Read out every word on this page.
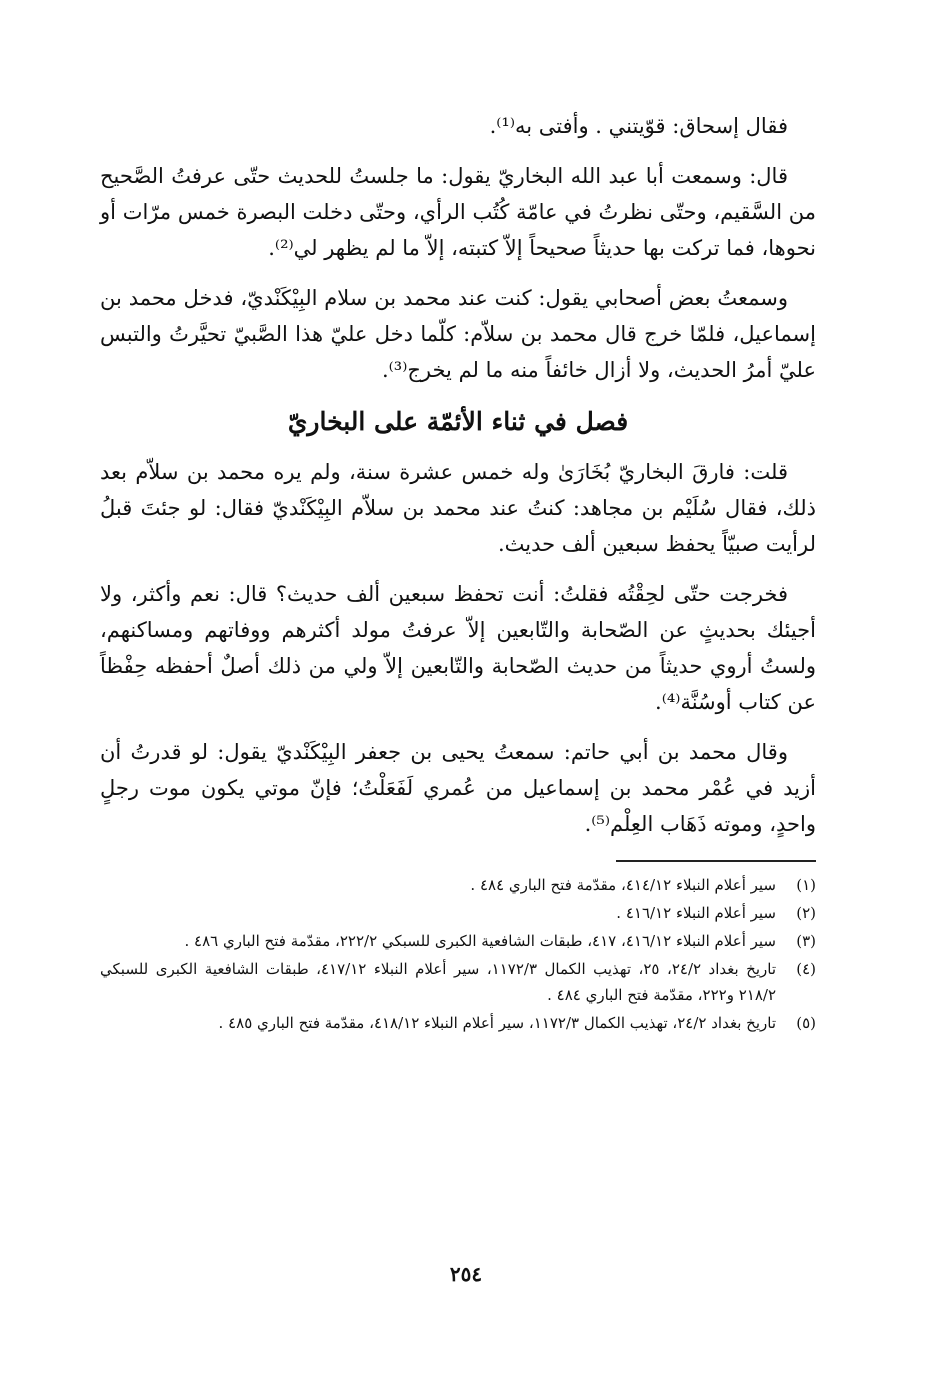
فقال إسحاق: قوّيتني . وأفتى به⁽¹⁾.

قال: وسمعت أبا عبد الله البخاريّ يقول: ما جلستُ للحديث حتّى عرفتُ الصَّحيح من السَّقيم، وحتّى نظرتُ في عامّة كُتُب الرأي، وحتّى دخلت البصرة خمس مرّات أو نحوها، فما تركت بها حديثاً صحيحاً إلاّ كتبته، إلاّ ما لم يظهر لي⁽²⁾.

وسمعتُ بعض أصحابي يقول: كنت عند محمد بن سلام البِيْكَنْديّ، فدخل محمد بن إسماعيل، فلمّا خرج قال محمد بن سلاّم: كلّما دخل عليّ هذا الصَّبيّ تحيَّرتُ والتبس عليّ أمرُ الحديث، ولا أزال خائفاً منه ما لم يخرج⁽³⁾.

فصل في ثناء الأئمّة على البخاريّ

قلت: فارقَ البخاريّ بُخَارَىٰ وله خمس عشرة سنة، ولم يره محمد بن سلاّم بعد ذلك، فقال سُلَيْم بن مجاهد: كنتُ عند محمد بن سلاّم البِيْكَنْديّ فقال: لو جئتَ قبلُ لرأيت صبيّاً يحفظ سبعين ألف حديث.

فخرجت حتّى لحِقْتُه فقلتُ: أنت تحفظ سبعين ألف حديث؟ قال: نعم وأكثر، ولا أجيئك بحديثٍ عن الصّحابة والتّابعين إلاّ عرفتُ مولد أكثرهم ووفاتهم ومساكنهم، ولستُ أروي حديثاً من حديث الصّحابة والتّابعين إلاّ ولي من ذلك أصلٌ أحفظه حِفْظاً عن كتاب أوسُنَّة⁽⁴⁾.

وقال محمد بن أبي حاتم: سمعتُ يحيى بن جعفر البِيْكَنْديّ يقول: لو قدرتُ أن أزيد في عُمْر محمد بن إسماعيل من عُمري لَفَعَلْتُ؛ فإنّ موتي يكون موت رجلٍ واحدٍ، وموته ذَهَاب العِلْم⁽⁵⁾.

(١)
سير أعلام النبلاء ٤١٤/١٢، مقدّمة فتح الباري ٤٨٤ .
(٢)
سير أعلام النبلاء ٤١٦/١٢ .
(٣)
سير أعلام النبلاء ٤١٦/١٢، ٤١٧، طبقات الشافعية الكبرى للسبكي ٢٢٢/٢، مقدّمة فتح الباري ٤٨٦ .
(٤)
تاريخ بغداد ٢٤/٢، ٢٥، تهذيب الكمال ١١٧٢/٣، سير أعلام النبلاء ٤١٧/١٢، طبقات الشافعية الكبرى للسبكي ٢١٨/٢ و٢٢٢، مقدّمة فتح الباري ٤٨٤ .
(٥)
تاريخ بغداد ٢٤/٢، تهذيب الكمال ١١٧٢/٣، سير أعلام النبلاء ٤١٨/١٢، مقدّمة فتح الباري ٤٨٥ .
٢٥٤
